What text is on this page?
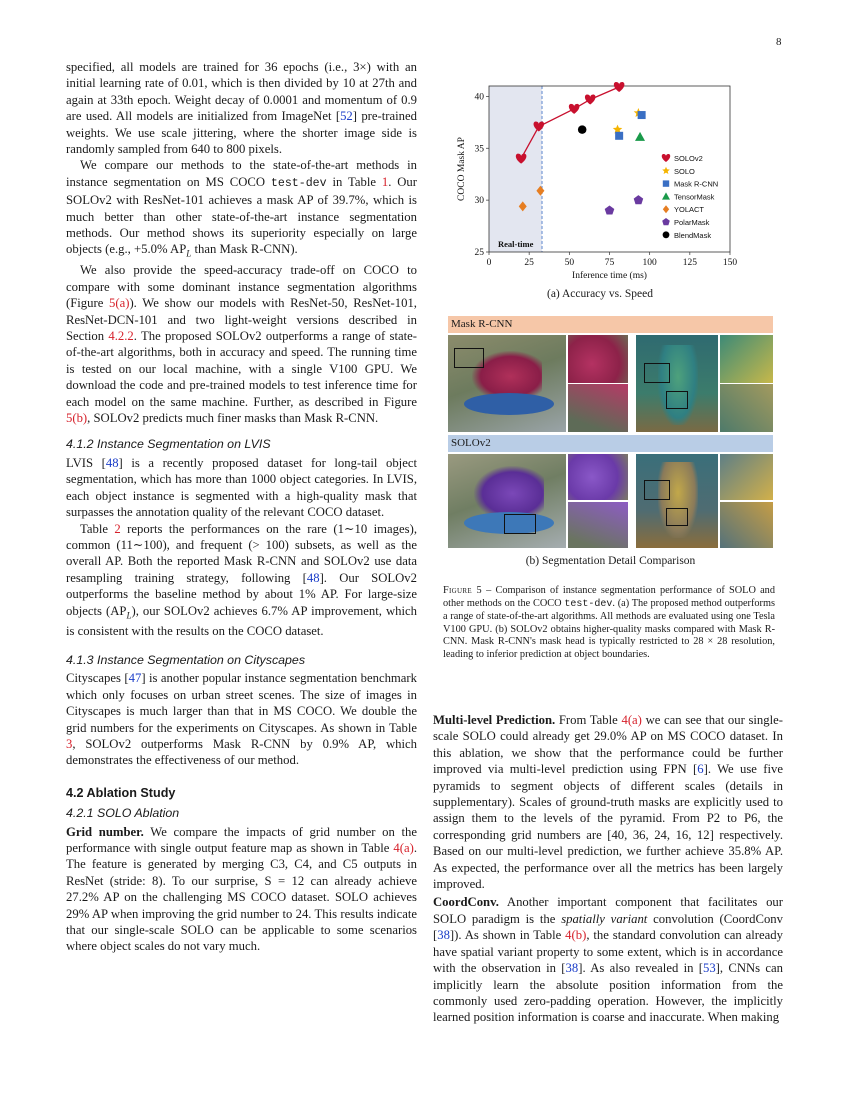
8

specified, all models are trained for 36 epochs (i.e., 3×) with an initial learning rate of 0.01, which is then divided by 10 at 27th and again at 33th epoch. Weight decay of 0.0001 and momentum of 0.9 are used. All models are initialized from ImageNet [52] pre-trained weights. We use scale jittering, where the shorter image side is randomly sampled from 640 to 800 pixels.

We compare our methods to the state-of-the-art methods in instance segmentation on MS COCO test-dev in Table 1. Our SOLOv2 with ResNet-101 achieves a mask AP of 39.7%, which is much better than other state-of-the-art instance segmentation methods. Our method shows its superiority especially on large objects (e.g., +5.0% $AP_L$ than Mask R-CNN).

We also provide the speed-accuracy trade-off on COCO to compare with some dominant instance segmentation algorithms (Figure 5(a)). We show our models with ResNet-50, ResNet-101, ResNet-DCN-101 and two light-weight versions described in Section 4.2.2. The proposed SOLOv2 outperforms a range of state-of-the-art algorithms, both in accuracy and speed. The running time is tested on our local machine, with a single V100 GPU. We download the code and pre-trained models to test inference time for each model on the same machine. Further, as described in Figure 5(b), SOLOv2 predicts much finer masks than Mask R-CNN.

4.1.2 Instance Segmentation on LVIS

LVIS [48] is a recently proposed dataset for long-tail object segmentation, which has more than 1000 object categories. In LVIS, each object instance is segmented with a high-quality mask that surpasses the annotation quality of the relevant COCO dataset.

Table 2 reports the performances on the rare (1∼10 images), common (11∼100), and frequent (> 100) subsets, as well as the overall AP. Both the reported Mask R-CNN and SOLOv2 use data resampling training strategy, following [48]. Our SOLOv2 outperforms the baseline method by about 1% AP. For large-size objects $(AP_L)$, our SOLOv2 achieves 6.7% AP improvement, which is consistent with the results on the COCO dataset.

4.1.3 Instance Segmentation on Cityscapes

Cityscapes [47] is another popular instance segmentation benchmark which only focuses on urban street scenes. The size of images in Cityscapes is much larger than that in MS COCO. We double the grid numbers for the experiments on Cityscapes. As shown in Table 3, SOLOv2 outperforms Mask R-CNN by 0.9% AP, which demonstrates the effectiveness of our method.

4.2 Ablation Study
4.2.1 SOLO Ablation

Grid number. We compare the impacts of grid number on the performance with single output feature map as shown in Table 4(a). The feature is generated by merging C3, C4, and C5 outputs in ResNet (stride: 8). To our surprise, S = 12 can already achieve 27.2% AP on the challenging MS COCO dataset. SOLO achieves 29% AP when improving the grid number to 24. This results indicate that our single-scale SOLO can be applicable to some scenarios where object scales do not vary much.

0	25	50	75	100	125	150
25
30
35
40
Inference time (ms)
COCO Mask AP
Real-time
SOLOv2
SOLO
Mask R-CNN
TensorMask
YOLACT
PolarMask
BlendMask
(a) Accuracy vs. Speed
Mask R-CNN
SOLOv2
(b) Segmentation Detail Comparison
Figure 5 – Comparison of instance segmentation performance of SOLO and other methods on the COCO test-dev. (a) The proposed method outperforms a range of state-of-the-art algorithms. All methods are evaluated using one Tesla V100 GPU. (b) SOLOv2 obtains higher-quality masks compared with Mask R-CNN. Mask R-CNN's mask head is typically restricted to 28 × 28 resolution, leading to inferior prediction at object boundaries.

Multi-level Prediction. From Table 4(a) we can see that our single-scale SOLO could already get 29.0% AP on MS COCO dataset. In this ablation, we show that the performance could be further improved via multi-level prediction using FPN [6]. We use five pyramids to segment objects of different scales (details in supplementary). Scales of ground-truth masks are explicitly used to assign them to the levels of the pyramid. From P2 to P6, the corresponding grid numbers are [40, 36, 24, 16, 12] respectively. Based on our multi-level prediction, we further achieve 35.8% AP. As expected, the performance over all the metrics has been largely improved.

CoordConv. Another important component that facilitates our SOLO paradigm is the spatially variant convolution (CoordConv [38]). As shown in Table 4(b), the standard convolution can already have spatial variant property to some extent, which is in accordance with the observation in [38]. As also revealed in [53], CNNs can implicitly learn the absolute position information from the commonly used zero-padding operation. However, the implicitly learned position information is coarse and inaccurate. When making
